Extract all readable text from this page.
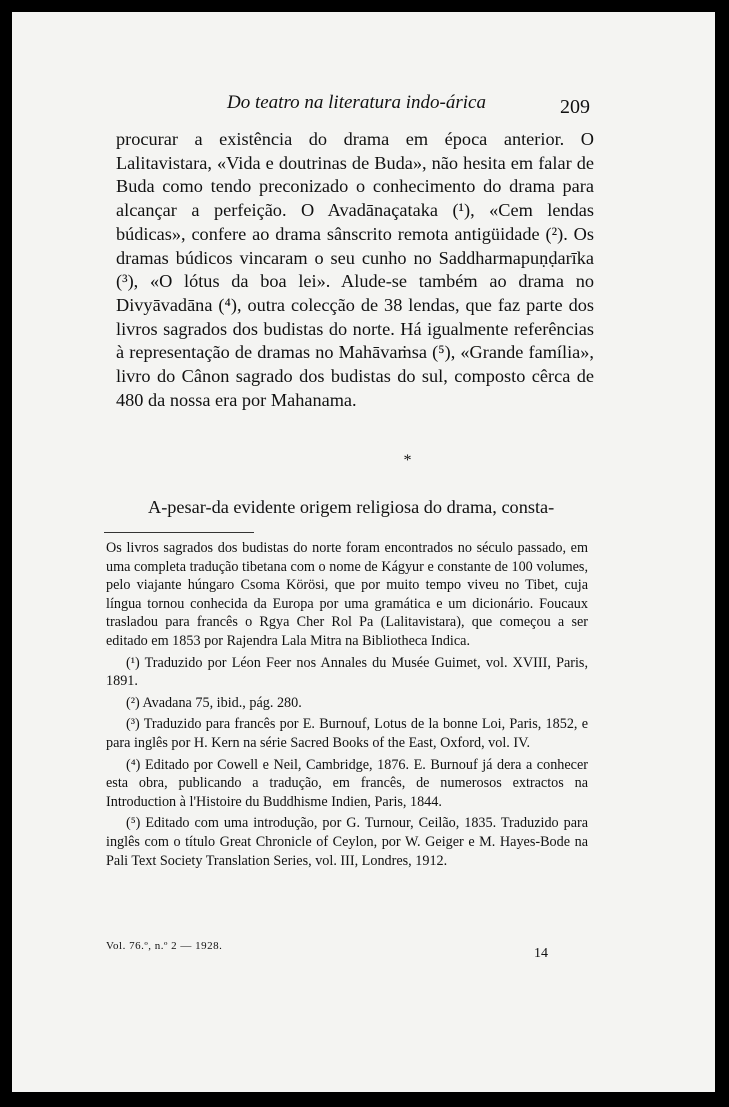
Do teatro na literatura indo-árica	209

procurar a existência do drama em época anterior. O Lalitavistara, «Vida e doutrinas de Buda», não hesita em falar de Buda como tendo preconizado o conhecimento do drama para alcançar a perfeição. O Avadānaçataka (¹), «Cem lendas búdicas», confere ao drama sânscrito remota antigüidade (²). Os dramas búdicos vincaram o seu cunho no Saddharmapuṇḍarīka (³), «O lótus da boa lei». Alude-se também ao drama no Divyāvadāna (⁴), outra colecção de 38 lendas, que faz parte dos livros sagrados dos budistas do norte. Há igualmente referências à representação de dramas no Mahāvaṁsa (⁵), «Grande família», livro do Cânon sagrado dos budistas do sul, composto cêrca de 480 da nossa era por Mahanama.

*
A-pesar-da evidente origem religiosa do drama, consta-

Os livros sagrados dos budistas do norte foram encontrados no século passado, em uma completa tradução tibetana com o nome de Kágyur e constante de 100 volumes, pelo viajante húngaro Csoma Körösi, que por muito tempo viveu no Tibet, cuja língua tornou conhecida da Europa por uma gramática e um dicionário. Foucaux trasladou para francês o Rgya Cher Rol Pa (Lalitavistara), que começou a ser editado em 1853 por Rajendra Lala Mitra na Bibliotheca Indica.

(¹) Traduzido por Léon Feer nos Annales du Musée Guimet, vol. XVIII, Paris, 1891.

(²) Avadana 75, ibid., pág. 280.

(³) Traduzido para francês por E. Burnouf, Lotus de la bonne Loi, Paris, 1852, e para inglês por H. Kern na série Sacred Books of the East, Oxford, vol. IV.

(⁴) Editado por Cowell e Neil, Cambridge, 1876. E. Burnouf já dera a conhecer esta obra, publicando a tradução, em francês, de numerosos extractos na Introduction à l'Histoire du Buddhisme Indien, Paris, 1844.

(⁵) Editado com uma introdução, por G. Turnour, Ceilão, 1835. Traduzido para inglês com o título Great Chronicle of Ceylon, por W. Geiger e M. Hayes-Bode na Pali Text Society Translation Series, vol. III, Londres, 1912.

Vol. 76.º, n.º 2 — 1928.	14
